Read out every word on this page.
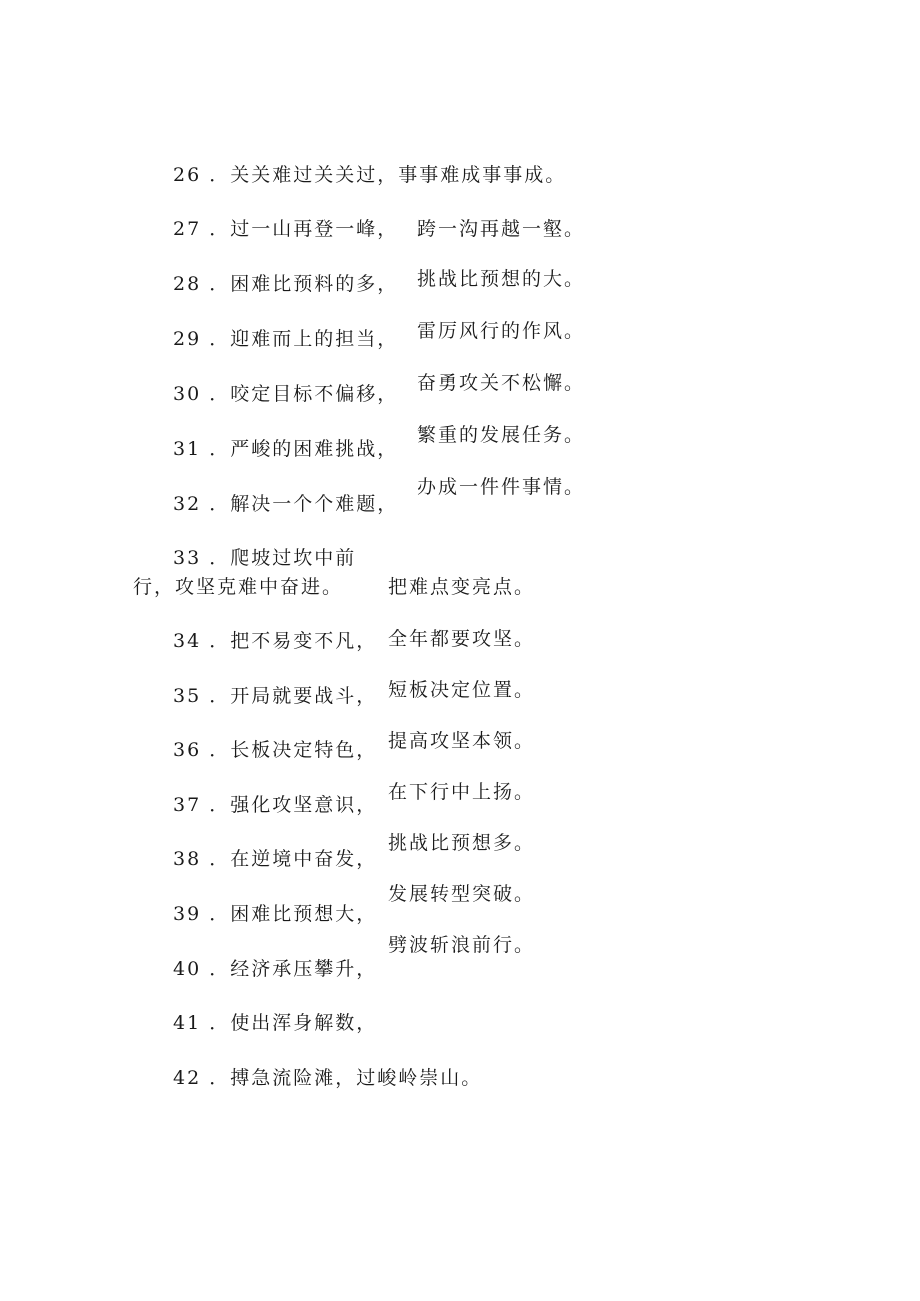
26 ．关关难过关关过，事事难成事事成。
27 ．过一山再登一峰， 跨一沟再越一壑。
28 ．困难比预料的多， 挑战比预想的大。
29 ．迎难而上的担当， 雷厉风行的作风。
30 ．咬定目标不偏移， 奋勇攻关不松懈。
31 ．严峻的困难挑战，
繁重的发展任务。
32 ．解决一个个难题，
办成一件件事情。
33 ．爬坡过坎中前
行，攻坚克难中奋进。 把难点变亮点。
34 ．把不易变不凡， 全年都要攻坚。
35 ．开局就要战斗， 短板决定位置。
36 ．长板决定特色， 提高攻坚本领。
37 ．强化攻坚意识，
在下行中上扬。
38 ．在逆境中奋发，
挑战比预想多。
39 ．困难比预想大，
发展转型突破。
40 ．经济承压攀升，
劈波斩浪前行。
41 ．使出浑身解数，
42 ．搏急流险滩，过峻岭崇山。
